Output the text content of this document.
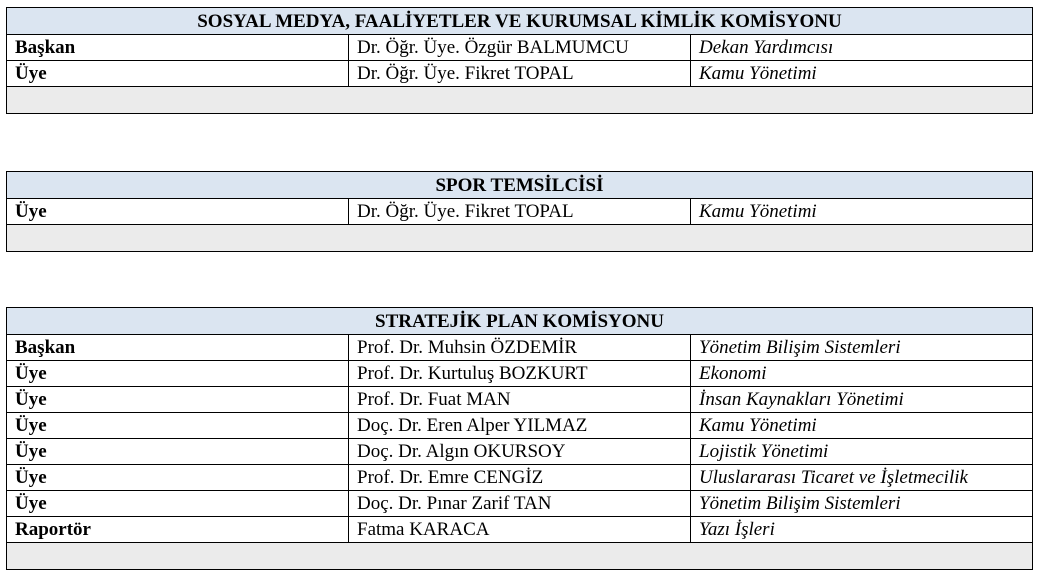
SOSYAL MEDYA, FAALİYETLER VE KURUMSAL KİMLİK KOMİSYONU		
Başkan	Dr. Öğr. Üye. Özgür BALMUMCU	Dekan Yardımcısı
Üye	Dr. Öğr. Üye. Fikret TOPAL	Kamu Yönetimi

SPOR TEMSİLCİSİ
Üye	Dr. Öğr. Üye. Fikret TOPAL	Kamu Yönetimi

STRATEJİK PLAN KOMİSYONU		
Başkan	Prof. Dr. Muhsin ÖZDEMİR	Yönetim Bilişim Sistemleri
Üye	Prof. Dr. Kurtuluş BOZKURT	Ekonomi
Üye	Prof. Dr. Fuat MAN	İnsan Kaynakları Yönetimi
Üye	Doç. Dr. Eren Alper YILMAZ	Kamu Yönetimi
Üye	Doç. Dr. Algın OKURSOY	Lojistik Yönetimi
Üye	Prof. Dr. Emre CENGİZ	Uluslararası Ticaret ve İşletmecilik
Üye	Doç. Dr. Pınar Zarif TAN	Yönetim Bilişim Sistemleri
Raportör	Fatma KARACA	Yazı İşleri
